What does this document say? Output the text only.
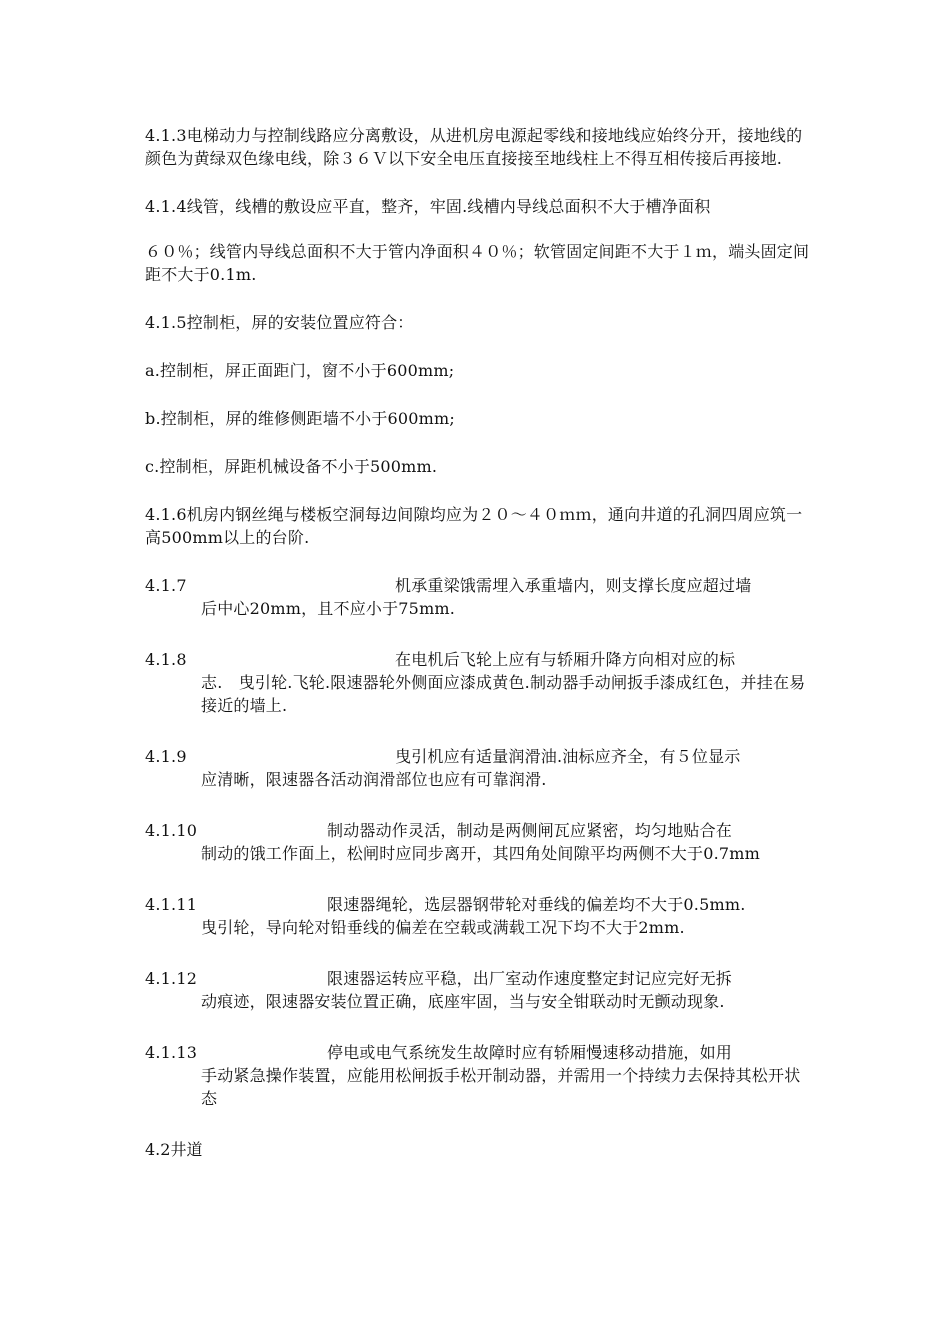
4.1.3电梯动力与控制线路应分离敷设，从进机房电源起零线和接地线应始终分开，接地线的颜色为黄绿双色缘电线，除３６Ｖ以下安全电压直接接至地线柱上不得互相传接后再接地.

4.1.4线管，线槽的敷设应平直，整齐，牢固.线槽内导线总面积不大于槽净面积

６０％；线管内导线总面积不大于管内净面积４０％；软管固定间距不大于１ｍ，端头固定间距不大于0.1m.

4.1.5控制柜，屏的安装位置应符合：

a.控制柜，屏正面距门，窗不小于600mm;

b.控制柜，屏的维修侧距墙不小于600mm;

c.控制柜，屏距机械设备不小于500mm.

4.1.6机房内钢丝绳与楼板空洞每边间隙均应为２０～４０ｍｍ，通向井道的孔洞四周应筑一高500mm以上的台阶.

4.1.7	机承重梁饿需埋入承重墙内，则支撑长度应超过墙
后中心20mm，且不应小于75mm.
4.1.8	在电机后飞轮上应有与轿厢升降方向相对应的标
志.　曳引轮.飞轮.限速器轮外侧面应漆成黄色.制动器手动闸扳手漆成红色，并挂在易接近的墙上.
4.1.9	曳引机应有适量润滑油.油标应齐全，有５位显示
应清晰，限速器各活动润滑部位也应有可靠润滑.
4.1.10	制动器动作灵活，制动是两侧闸瓦应紧密，均匀地贴合在
制动的饿工作面上，松闸时应同步离开，其四角处间隙平均两侧不大于0.7mm
4.1.11	限速器绳轮，选层器钢带轮对垂线的偏差均不大于0.5mm.
曳引轮，导向轮对铅垂线的偏差在空载或满载工况下均不大于2mm.
4.1.12	限速器运转应平稳，出厂室动作速度整定封记应完好无拆
动痕迹，限速器安装位置正确，底座牢固，当与安全钳联动时无颤动现象.
4.1.13	停电或电气系统发生故障时应有轿厢慢速移动措施，如用
手动紧急操作装置，应能用松闸扳手松开制动器，并需用一个持续力去保持其松开状态
4.2井道
